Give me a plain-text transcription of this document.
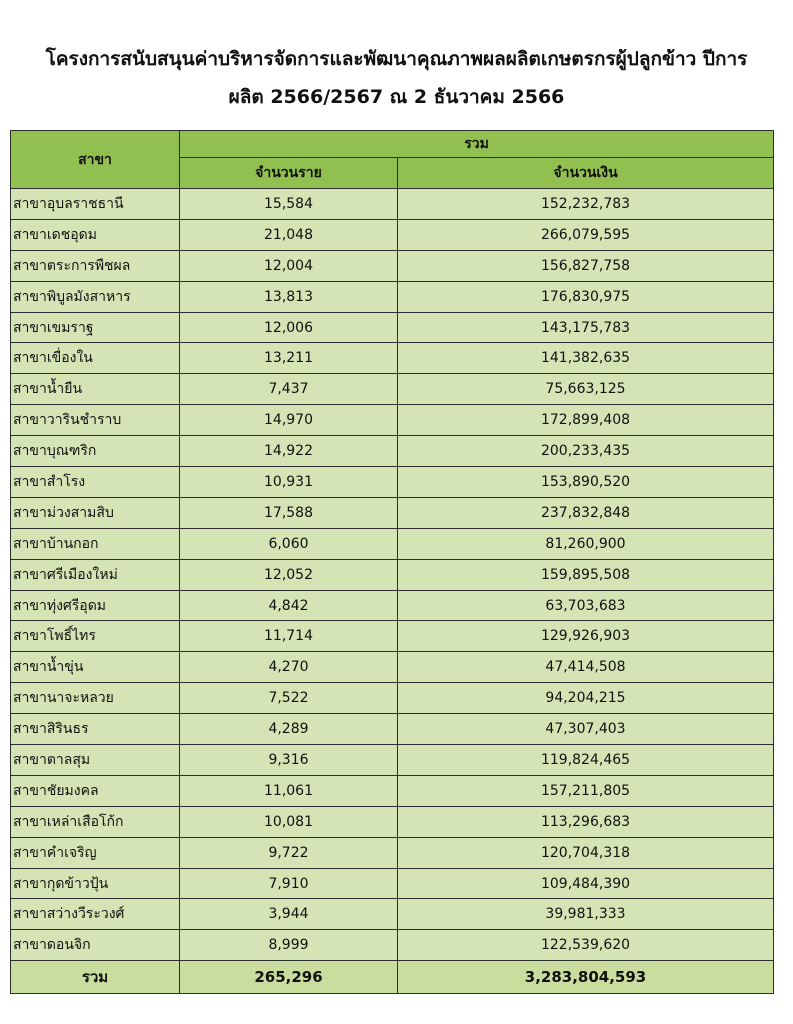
โครงการสนับสนุนค่าบริหารจัดการและพัฒนาคุณภาพผลผลิตเกษตรกรผู้ปลูกข้าว ปีการ
ผลิต 2566/2567 ณ 2 ธันวาคม 2566
สาขา	รวม	
	จำนวนราย	จำนวนเงิน
สาขาอุบลราชธานี	15,584	152,232,783
สาขาเดชอุดม	21,048	266,079,595
สาขาตระการพืชผล	12,004	156,827,758
สาขาพิบูลมังสาหาร	13,813	176,830,975
สาขาเขมราฐ	12,006	143,175,783
สาขาเขื่องใน	13,211	141,382,635
สาขาน้ำยืน	7,437	75,663,125
สาขาวารินชำราบ	14,970	172,899,408
สาขาบุณฑริก	14,922	200,233,435
สาขาสำโรง	10,931	153,890,520
สาขาม่วงสามสิบ	17,588	237,832,848
สาขาบ้านกอก	6,060	81,260,900
สาขาศรีเมืองใหม่	12,052	159,895,508
สาขาทุ่งศรีอุดม	4,842	63,703,683
สาขาโพธิ์ไทร	11,714	129,926,903
สาขาน้ำขุ่น	4,270	47,414,508
สาขานาจะหลวย	7,522	94,204,215
สาขาสิรินธร	4,289	47,307,403
สาขาตาลสุม	9,316	119,824,465
สาขาชัยมงคล	11,061	157,211,805
สาขาเหล่าเสือโก้ก	10,081	113,296,683
สาขาคำเจริญ	9,722	120,704,318
สาขากุดข้าวปุ้น	7,910	109,484,390
สาขาสว่างวีระวงศ์	3,944	39,981,333
สาขาดอนจิก	8,999	122,539,620
รวม	265,296	3,283,804,593
